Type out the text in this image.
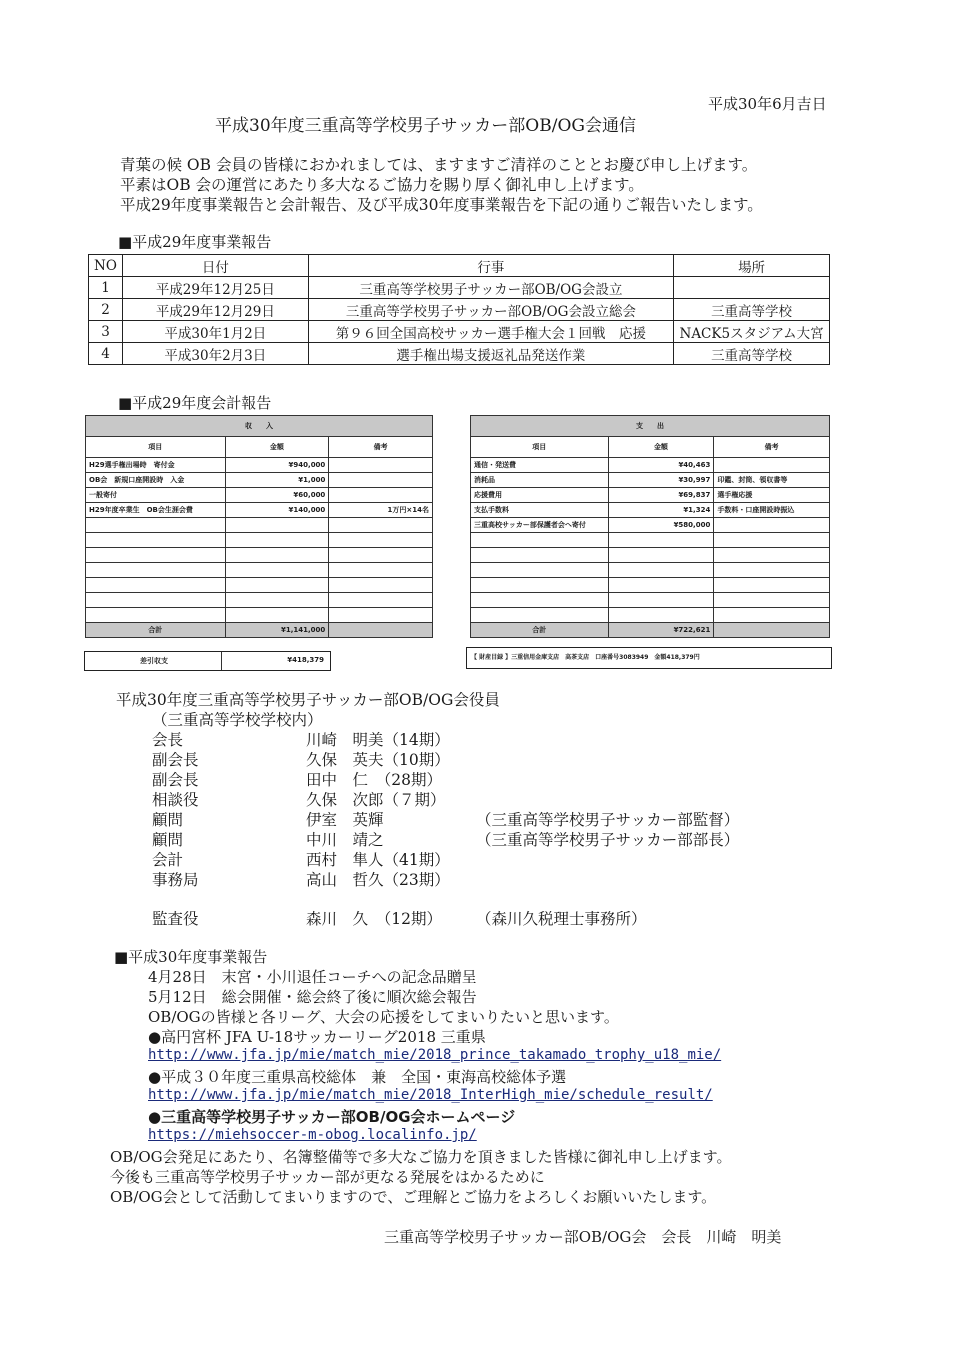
平成30年6月吉日
平成30年度三重高等学校男子サッカー部OB/OG会通信
青葉の候 OB 会員の皆様におかれましては、ますますご清祥のこととお慶び申し上げます。
平素はOB 会の運営にあたり多大なるご協力を賜り厚く御礼申し上げます。
平成29年度事業報告と会計報告、及び平成30年度事業報告を下記の通りご報告いたします。
■平成29年度事業報告
NO	日付	行事	場所
1	平成29年12月25日	三重高等学校男子サッカー部OB/OG会設立	
2	平成29年12月29日	三重高等学校男子サッカー部OB/OG会設立総会	三重高等学校
3	平成30年1月2日	第９６回全国高校サッカー選手権大会１回戦　応援	NACK5スタジアム大宮
4	平成30年2月3日	選手権出場支援返礼品発送作業	三重高等学校
■平成29年度会計報告
収　　入		
項目	金額	備考
H29選手権出場時　寄付金	¥940,000	
OB会　新規口座開設時　入金	¥1,000	
一般寄付	¥60,000	
H29年度卒業生　OB会生涯会費	¥140,000	1万円×14名

合計	¥1,141,000	
支　　出		
項目	金額	備考
通信・発送費	¥40,463	
消耗品	¥30,997	印鑑、封筒、領収書等
応援費用	¥69,837	選手権応援
支払手数料	¥1,324	手数料・口座開設時振込
三重高校サッカー部保護者会へ寄付	¥580,000	

合計	¥722,621	
差引収支	¥418,379	【 財産目録 】三重信用金庫支店　高茶支店　口座番号3083949　金額418,379円
平成30年度三重高等学校男子サッカー部OB/OG会役員
（三重高等学校学校内）
会長	川崎　明美（14期）
副会長	久保　英夫（10期）
副会長	田中　仁　（28期）
相談役	久保　次郎（７期）
顧問	伊室　英輝	（三重高等学校男子サッカー部監督）
顧問	中川　靖之	（三重高等学校男子サッカー部部長）
会計	西村　隼人（41期）
事務局	高山　哲久（23期）
監査役	森川　久　（12期） （森川久税理士事務所）
■平成30年度事業報告
4月28日　末宮・小川退任コーチへの記念品贈呈
5月12日　総会開催・総会終了後に順次総会報告
OB/OGの皆様と各リーグ、大会の応援をしてまいりたいと思います。
●高円宮杯 JFA U-18サッカーリーグ2018 三重県
http://www.jfa.jp/mie/match_mie/2018_prince_takamado_trophy_u18_mie/
●平成３０年度三重県高校総体　兼　全国・東海高校総体予選
http://www.jfa.jp/mie/match_mie/2018_InterHigh_mie/schedule_result/
●三重高等学校男子サッカー部OB/OG会ホームページ
https://miehsoccer-m-obog.localinfo.jp/
OB/OG会発足にあたり、名簿整備等で多大なご協力を頂きました皆様に御礼申し上げます。
今後も三重高等学校男子サッカー部が更なる発展をはかるために
OB/OG会として活動してまいりますので、ご理解とご協力をよろしくお願いいたします。
三重高等学校男子サッカー部OB/OG会　会長　川崎　明美
